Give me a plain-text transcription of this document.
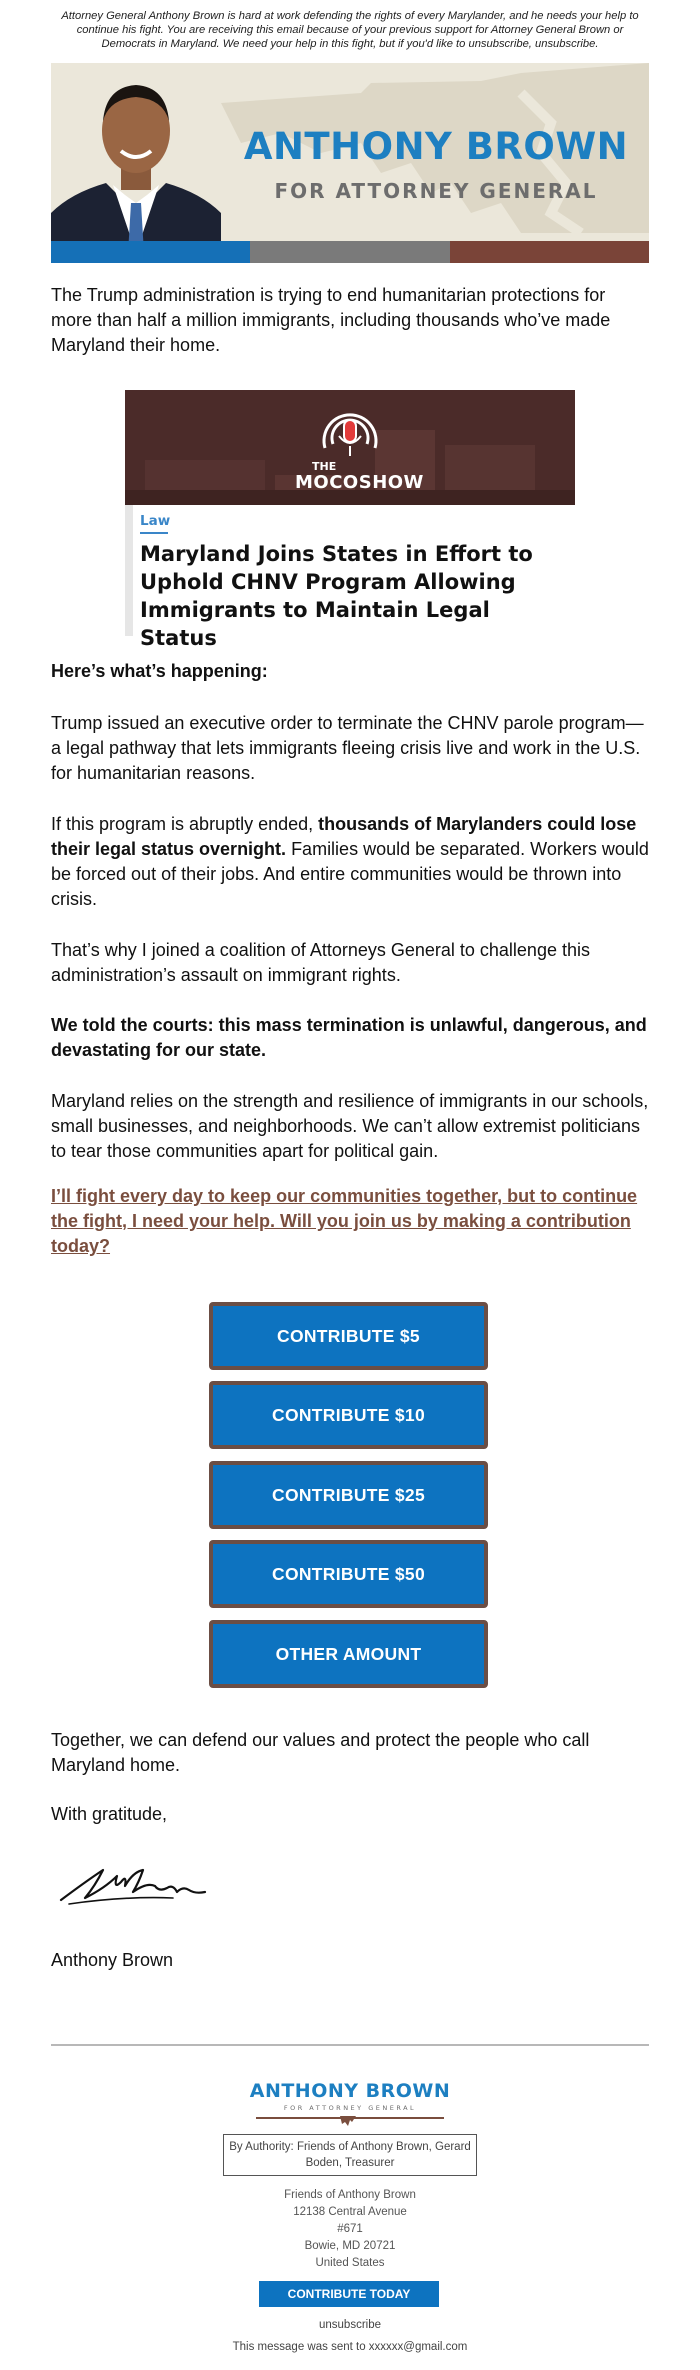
Attorney General Anthony Brown is hard at work defending the rights of every Marylander, and he needs your help to continue his fight. You are receiving this email because of your previous support for Attorney General Brown or Democrats in Maryland. We need your help in this fight, but if you'd like to unsubscribe, unsubscribe.
ANTHONY BROWN
FOR ATTORNEY GENERAL

The Trump administration is trying to end humanitarian protections for more than half a million immigrants, including thousands who’ve made Maryland their home.

THE
MOCOSHOW
Law
Maryland Joins States in Effort to Uphold CHNV Program Allowing Immigrants to Maintain Legal Status

Here’s what’s happening:

Trump issued an executive order to terminate the CHNV parole program—a legal pathway that lets immigrants fleeing crisis live and work in the U.S. for humanitarian reasons.

If this program is abruptly ended, thousands of Marylanders could lose their legal status overnight. Families would be separated. Workers would be forced out of their jobs. And entire communities would be thrown into crisis.

That’s why I joined a coalition of Attorneys General to challenge this administration’s assault on immigrant rights.

We told the courts: this mass termination is unlawful, dangerous, and devastating for our state.

Maryland relies on the strength and resilience of immigrants in our schools, small businesses, and neighborhoods. We can’t allow extremist politicians to tear those communities apart for political gain.

I’ll fight every day to keep our communities together, but to continue the fight, I need your help. Will you join us by making a contribution today?
CONTRIBUTE $5
CONTRIBUTE $10
CONTRIBUTE $25
CONTRIBUTE $50
OTHER AMOUNT

Together, we can defend our values and protect the people who call Maryland home.

With gratitude,

Anthony Brown

ANTHONY BROWN
FOR ATTORNEY GENERAL
By Authority: Friends of Anthony Brown, Gerard Boden, Treasurer
Friends of Anthony Brown
12138 Central Avenue
#671
Bowie, MD 20721
United States
CONTRIBUTE TODAY
unsubscribe
This message was sent to xxxxxx@gmail.com
